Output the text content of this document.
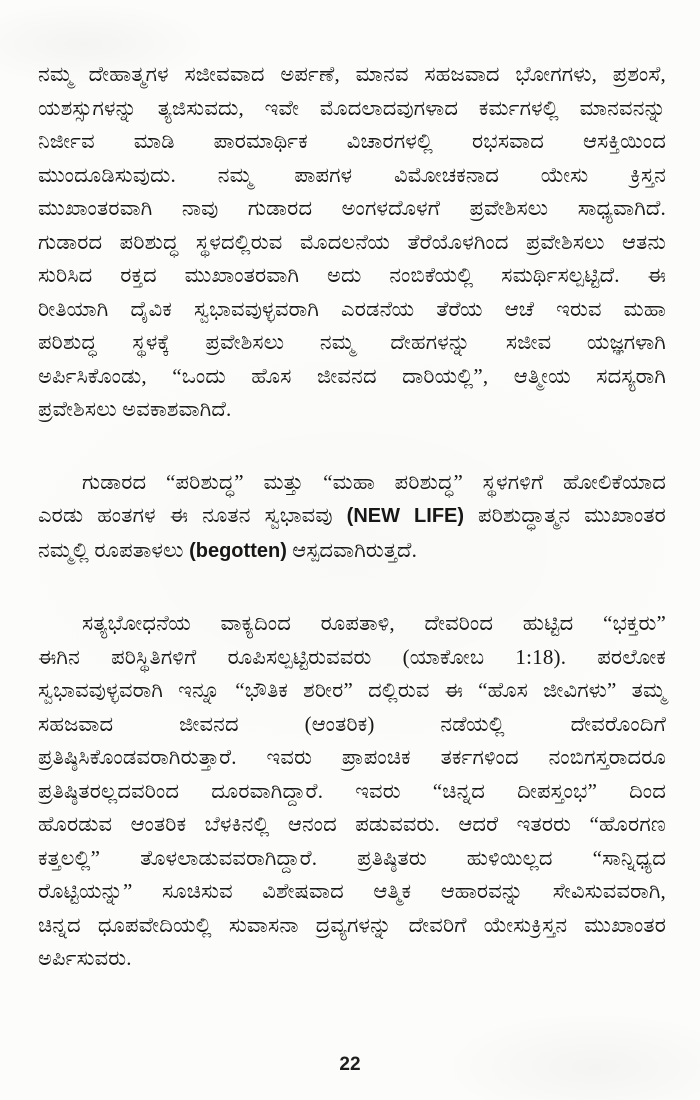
ನಮ್ಮ ದೇಹಾತ್ಮಗಳ ಸಜೀವವಾದ ಅರ್ಪಣೆ, ಮಾನವ ಸಹಜವಾದ ಭೋಗಗಳು, ಪ್ರಶಂಸೆ,
ಯಶಸ್ಸುಗಳನ್ನು ತ್ಯಜಿಸುವದು, ಇವೇ ಮೊದಲಾದವುಗಳಾದ ಕರ್ಮಗಳಲ್ಲಿ ಮಾನವನನ್ನು
ನಿರ್ಜೀವ ಮಾಡಿ ಪಾರಮಾರ್ಥಿಕ ವಿಚಾರಗಳಲ್ಲಿ ರಭಸವಾದ ಆಸಕ್ತಿಯಿಂದ
ಮುಂದೂಡಿಸುವುದು. ನಮ್ಮ ಪಾಪಗಳ ವಿಮೋಚಕನಾದ ಯೇಸು ಕ್ರಿಸ್ತನ
ಮುಖಾಂತರವಾಗಿ ನಾವು ಗುಡಾರದ ಅಂಗಳದೊಳಗೆ ಪ್ರವೇಶಿಸಲು ಸಾಧ್ಯವಾಗಿದೆ.
ಗುಡಾರದ ಪರಿಶುದ್ಧ ಸ್ಥಳದಲ್ಲಿರುವ ಮೊದಲನೆಯ ತೆರೆಯೊಳಗಿಂದ ಪ್ರವೇಶಿಸಲು ಆತನು
ಸುರಿಸಿದ ರಕ್ತದ ಮುಖಾಂತರವಾಗಿ ಅದು ನಂಬಿಕೆಯಲ್ಲಿ ಸಮರ್ಥಿಸಲ್ಪಟ್ಟಿದೆ. ಈ
ರೀತಿಯಾಗಿ ದೈವಿಕ ಸ್ವಭಾವವುಳ್ಳವರಾಗಿ ಎರಡನೆಯ ತೆರೆಯ ಆಚೆ ಇರುವ ಮಹಾ
ಪರಿಶುದ್ಧ ಸ್ಥಳಕ್ಕೆ ಪ್ರವೇಶಿಸಲು ನಮ್ಮ ದೇಹಗಳನ್ನು ಸಜೀವ ಯಜ್ಞಗಳಾಗಿ
ಅರ್ಪಿಸಿಕೊಂಡು, “ಒಂದು ಹೊಸ ಜೀವನದ ದಾರಿಯಲ್ಲಿ”, ಆತ್ಮೀಯ ಸದಸ್ಯರಾಗಿ
ಪ್ರವೇಶಿಸಲು ಅವಕಾಶವಾಗಿದೆ.
ಗುಡಾರದ “ಪರಿಶುದ್ಧ” ಮತ್ತು “ಮಹಾ ಪರಿಶುದ್ಧ” ಸ್ಥಳಗಳಿಗೆ ಹೋಲಿಕೆಯಾದ
ಎರಡು ಹಂತಗಳ ಈ ನೂತನ ಸ್ವಭಾವವು (NEW LIFE) ಪರಿಶುದ್ಧಾತ್ಮನ ಮುಖಾಂತರ
ನಮ್ಮಲ್ಲಿ ರೂಪತಾಳಲು (begotten) ಆಸ್ಪದವಾಗಿರುತ್ತದೆ.
ಸತ್ಯಭೋಧನೆಯ ವಾಕ್ಯದಿಂದ ರೂಪತಾಳಿ, ದೇವರಿಂದ ಹುಟ್ಟಿದ “ಭಕ್ತರು”
ಈಗಿನ ಪರಿಸ್ಥಿತಿಗಳಿಗೆ ರೂಪಿಸಲ್ಪಟ್ಟಿರುವವರು (ಯಾಕೋಬ 1:18). ಪರಲೋಕ
ಸ್ವಭಾವವುಳ್ಳವರಾಗಿ ಇನ್ನೂ “ಭೌತಿಕ ಶರೀರ” ದಲ್ಲಿರುವ ಈ “ಹೊಸ ಜೀವಿಗಳು” ತಮ್ಮ
ಸಹಜವಾದ ಜೀವನದ (ಆಂತರಿಕ) ನಡೆಯಲ್ಲಿ ದೇವರೊಂದಿಗೆ
ಪ್ರತಿಷ್ಠಿಸಿಕೊಂಡವರಾಗಿರುತ್ತಾರೆ. ಇವರು ಪ್ರಾಪಂಚಿಕ ತರ್ಕಗಳಿಂದ ನಂಬಿಗಸ್ತರಾದರೂ
ಪ್ರತಿಷ್ಠಿತರಲ್ಲದವರಿಂದ ದೂರವಾಗಿದ್ದಾರೆ. ಇವರು “ಚಿನ್ನದ ದೀಪಸ್ತಂಭ” ದಿಂದ
ಹೊರಡುವ ಆಂತರಿಕ ಬೆಳಕಿನಲ್ಲಿ ಆನಂದ ಪಡುವವರು. ಆದರೆ ಇತರರು “ಹೊರಗಣ
ಕತ್ತಲಲ್ಲಿ” ತೊಳಲಾಡುವವರಾಗಿದ್ದಾರೆ. ಪ್ರತಿಷ್ಠಿತರು ಹುಳಿಯಿಲ್ಲದ “ಸಾನ್ನಿಧ್ಯದ
ರೊಟ್ಟಿಯನ್ನು” ಸೂಚಿಸುವ ವಿಶೇಷವಾದ ಆತ್ಮಿಕ ಆಹಾರವನ್ನು ಸೇವಿಸುವವರಾಗಿ,
ಚಿನ್ನದ ಧೂಪವೇದಿಯಲ್ಲಿ ಸುವಾಸನಾ ದ್ರವ್ಯಗಳನ್ನು ದೇವರಿಗೆ ಯೇಸುಕ್ರಿಸ್ತನ ಮುಖಾಂತರ
ಅರ್ಪಿಸುವರು.
22
